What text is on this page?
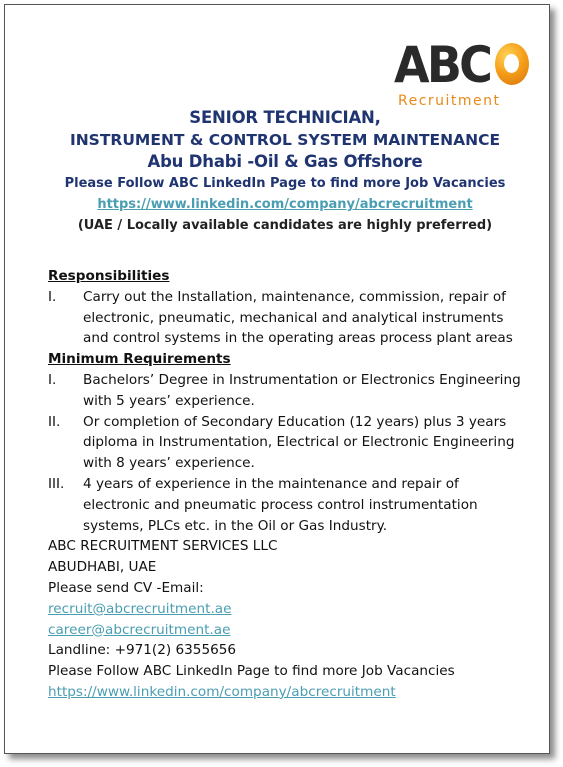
ABC
Recruitment
SENIOR TECHNICIAN,
INSTRUMENT & CONTROL SYSTEM MAINTENANCE
Abu Dhabi -Oil & Gas Offshore
Please Follow ABC LinkedIn Page to find more Job Vacancies
https://www.linkedin.com/company/abcrecruitment
(UAE / Locally available candidates are highly preferred)
Responsibilities
I.	Carry out the Installation, maintenance, commission, repair of electronic, pneumatic, mechanical and analytical instruments and control systems in the operating areas process plant areas
Minimum Requirements
I.	Bachelors’ Degree in Instrumentation or Electronics Engineering with 5 years’ experience.
II.	Or completion of Secondary Education (12 years) plus 3 years diploma in Instrumentation, Electrical or Electronic Engineering with 8 years’ experience.
III.	4 years of experience in the maintenance and repair of electronic and pneumatic process control instrumentation systems, PLCs etc. in the Oil or Gas Industry.
ABC RECRUITMENT SERVICES LLC
ABUDHABI, UAE
Please send CV -Email:
recruit@abcrecruitment.ae
career@abcrecruitment.ae
Landline: +971(2) 6355656
Please Follow ABC LinkedIn Page to find more Job Vacancies
https://www.linkedin.com/company/abcrecruitment
